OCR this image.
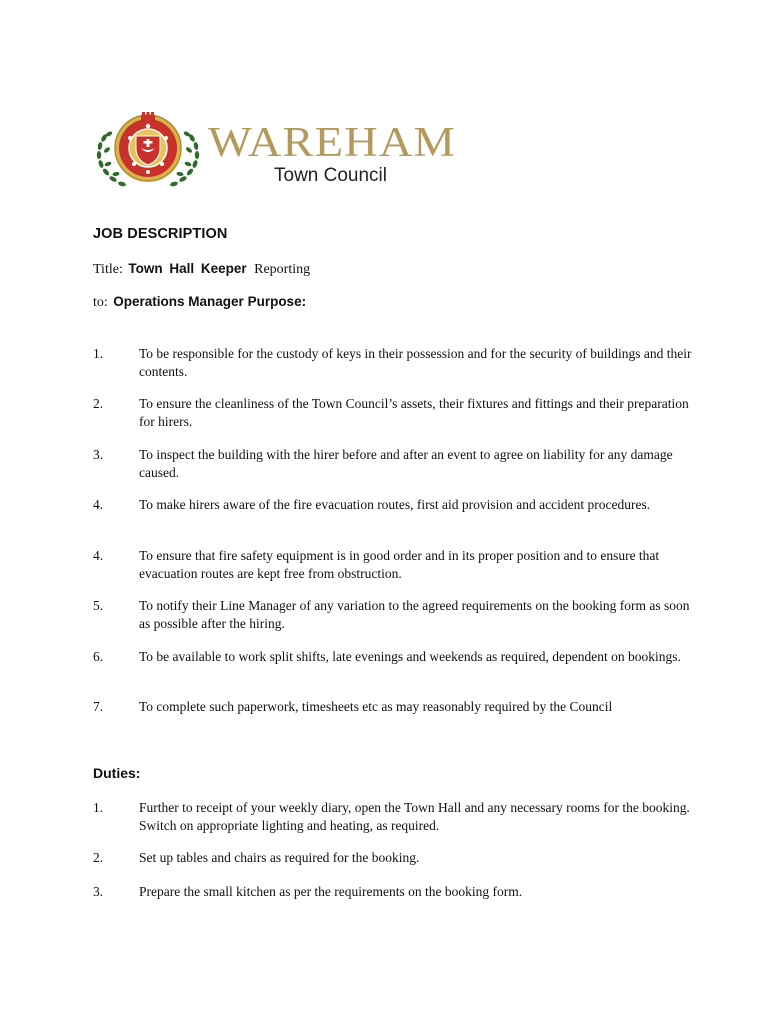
WAREHAM
Town Council
JOB DESCRIPTION
Title: Town Hall Keeper Reporting
to: Operations Manager Purpose:
1.	To be responsible for the custody of keys in their possession and for the security of buildings and their contents.
2.	To ensure the cleanliness of the Town Council’s assets, their fixtures and fittings and their preparation for hirers.
3.	To inspect the building with the hirer before and after an event to agree on liability for any damage caused.
4.	To make hirers aware of the fire evacuation routes, first aid provision and accident procedures.
4.	To ensure that fire safety equipment is in good order and in its proper position and to ensure that evacuation routes are kept free from obstruction.
5.	To notify their Line Manager of any variation to the agreed requirements on the booking form as soon as possible after the hiring.
6.	To be available to work split shifts, late evenings and weekends as required, dependent on bookings.
7.	To complete such paperwork, timesheets etc as may reasonably required by the Council
Duties:
1.	Further to receipt of your weekly diary, open the Town Hall and any necessary rooms for the booking. Switch on appropriate lighting and heating, as required.
2.	Set up tables and chairs as required for the booking.
3.	Prepare the small kitchen as per the requirements on the booking form.
